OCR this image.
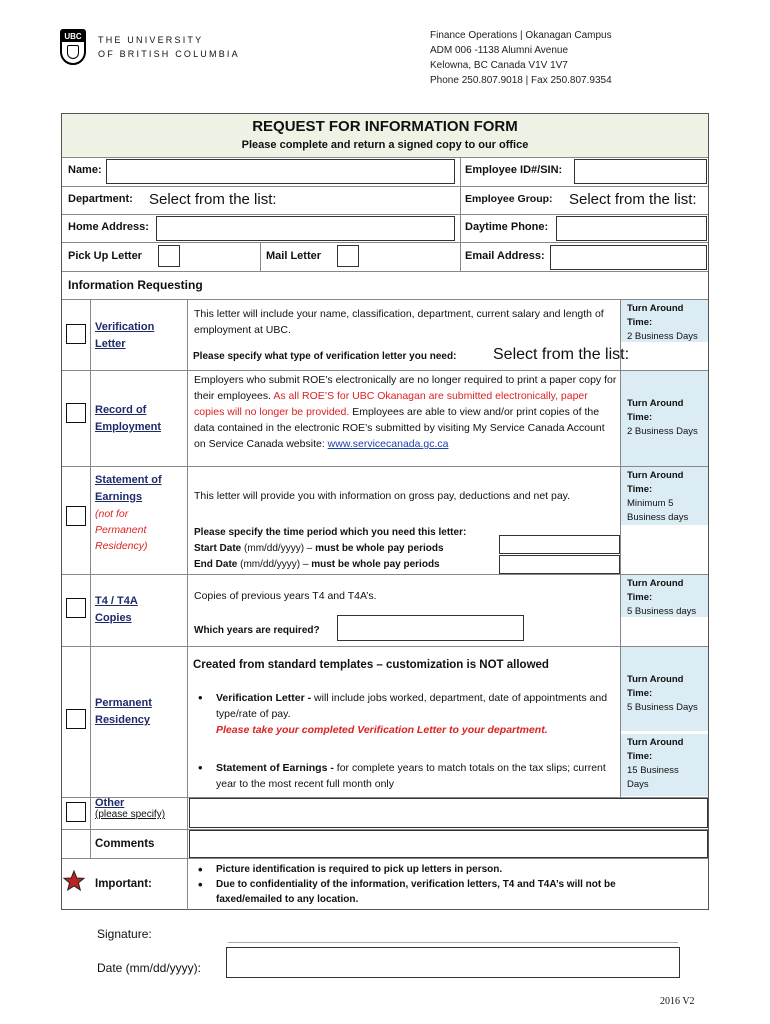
UBC THE UNIVERSITY
OF BRITISH COLUMBIA
Finance Operations | Okanagan Campus
ADM 006 -1138 Alumni Avenue
Kelowna, BC Canada V1V 1V7
Phone 250.807.9018 | Fax 250.807.9354
REQUEST FOR INFORMATION FORM
Please complete and return a signed copy to our office
Name:	Employee ID#/SIN:
Department: Select from the list:	Employee Group: Select from the list:
Home Address:	Daytime Phone:
Pick Up Letter	Mail Letter	Email Address:
Information Requesting
Verification
Letter
This letter will include your name, classification, department, current salary and length of employment at UBC.
Please specify what type of verification letter you need: Select from the list:
Turn Around Time:
2 Business Days
Record of
Employment
Employers who submit ROE’s electronically are no longer required to print a paper copy for their employees. As all ROE’S for UBC Okanagan are submitted electronically, paper copies will no longer be provided. Employees are able to view and/or print copies of the data contained in the electronic ROE’s submitted by visiting My Service Canada Account on Service Canada website: www.servicecanada.gc.ca
Turn Around Time:
2 Business Days
Statement of
Earnings
(not for
Permanent
Residency)
This letter will provide you with information on gross pay, deductions and net pay.
Please specify the time period which you need this letter:
Start Date (mm/dd/yyyy) – must be whole pay periods
End Date (mm/dd/yyyy) – must be whole pay periods
Turn Around Time:
Minimum 5 Business days
T4 / T4A
Copies
Copies of previous years T4 and T4A’s.
Which years are required?
Turn Around Time:
5 Business days
Permanent
Residency
Created from standard templates – customization is NOT allowed
• Verification Letter - will include jobs worked, department, date of appointments and type/rate of pay.
Please take your completed Verification Letter to your department.
• Statement of Earnings - for complete years to match totals on the tax slips; current year to the most recent full month only
Turn Around Time:
5 Business Days
Turn Around Time:
15 Business Days
Other
(please specify)
Comments
Important:
• Picture identification is required to pick up letters in person.
• Due to confidentiality of the information, verification letters, T4 and T4A’s will not be faxed/emailed to any location.
Signature:
Date (mm/dd/yyyy):
2016 V2
